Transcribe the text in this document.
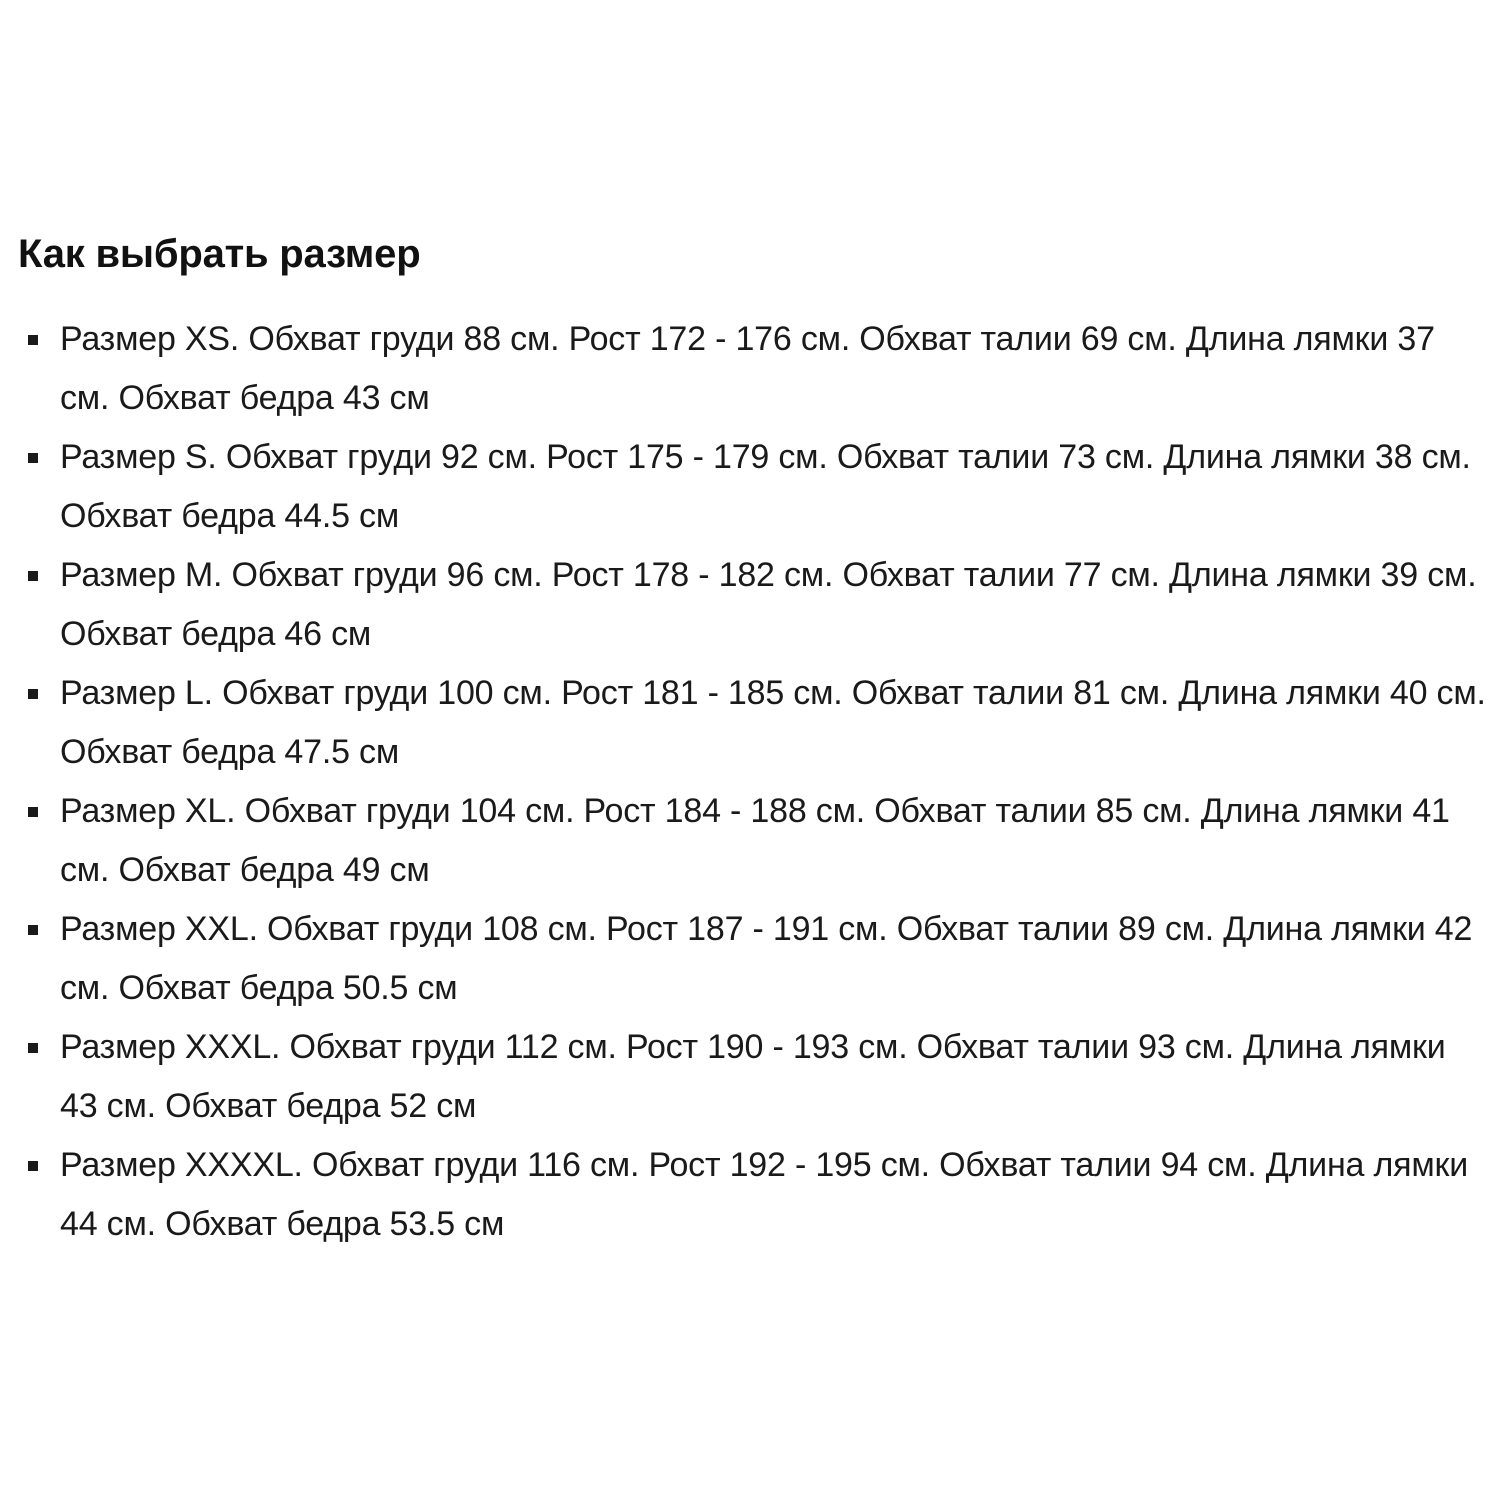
Как выбрать размер
Размер XS. Обхват груди 88 см. Рост 172 - 176 см. Обхват талии 69 см. Длина лямки 37 см. Обхват бедра 43 см
Размер S. Обхват груди 92 см. Рост 175 - 179 см. Обхват талии 73 см. Длина лямки 38 см. Обхват бедра 44.5 см
Размер M. Обхват груди 96 см. Рост 178 - 182 см. Обхват талии 77 см. Длина лямки 39 см. Обхват бедра 46 см
Размер L. Обхват груди 100 см. Рост 181 - 185 см. Обхват талии 81 см. Длина лямки 40 см. Обхват бедра 47.5 см
Размер XL. Обхват груди 104 см. Рост 184 - 188 см. Обхват талии 85 см. Длина лямки 41 см. Обхват бедра 49 см
Размер XXL. Обхват груди 108 см. Рост 187 - 191 см. Обхват талии 89 см. Длина лямки 42 см. Обхват бедра 50.5 см
Размер XXXL. Обхват груди 112 см. Рост 190 - 193 см. Обхват талии 93 см. Длина лямки 43 см. Обхват бедра 52 см
Размер XXXXL. Обхват груди 116 см. Рост 192 - 195 см. Обхват талии 94 см. Длина лямки 44 см. Обхват бедра 53.5 см
